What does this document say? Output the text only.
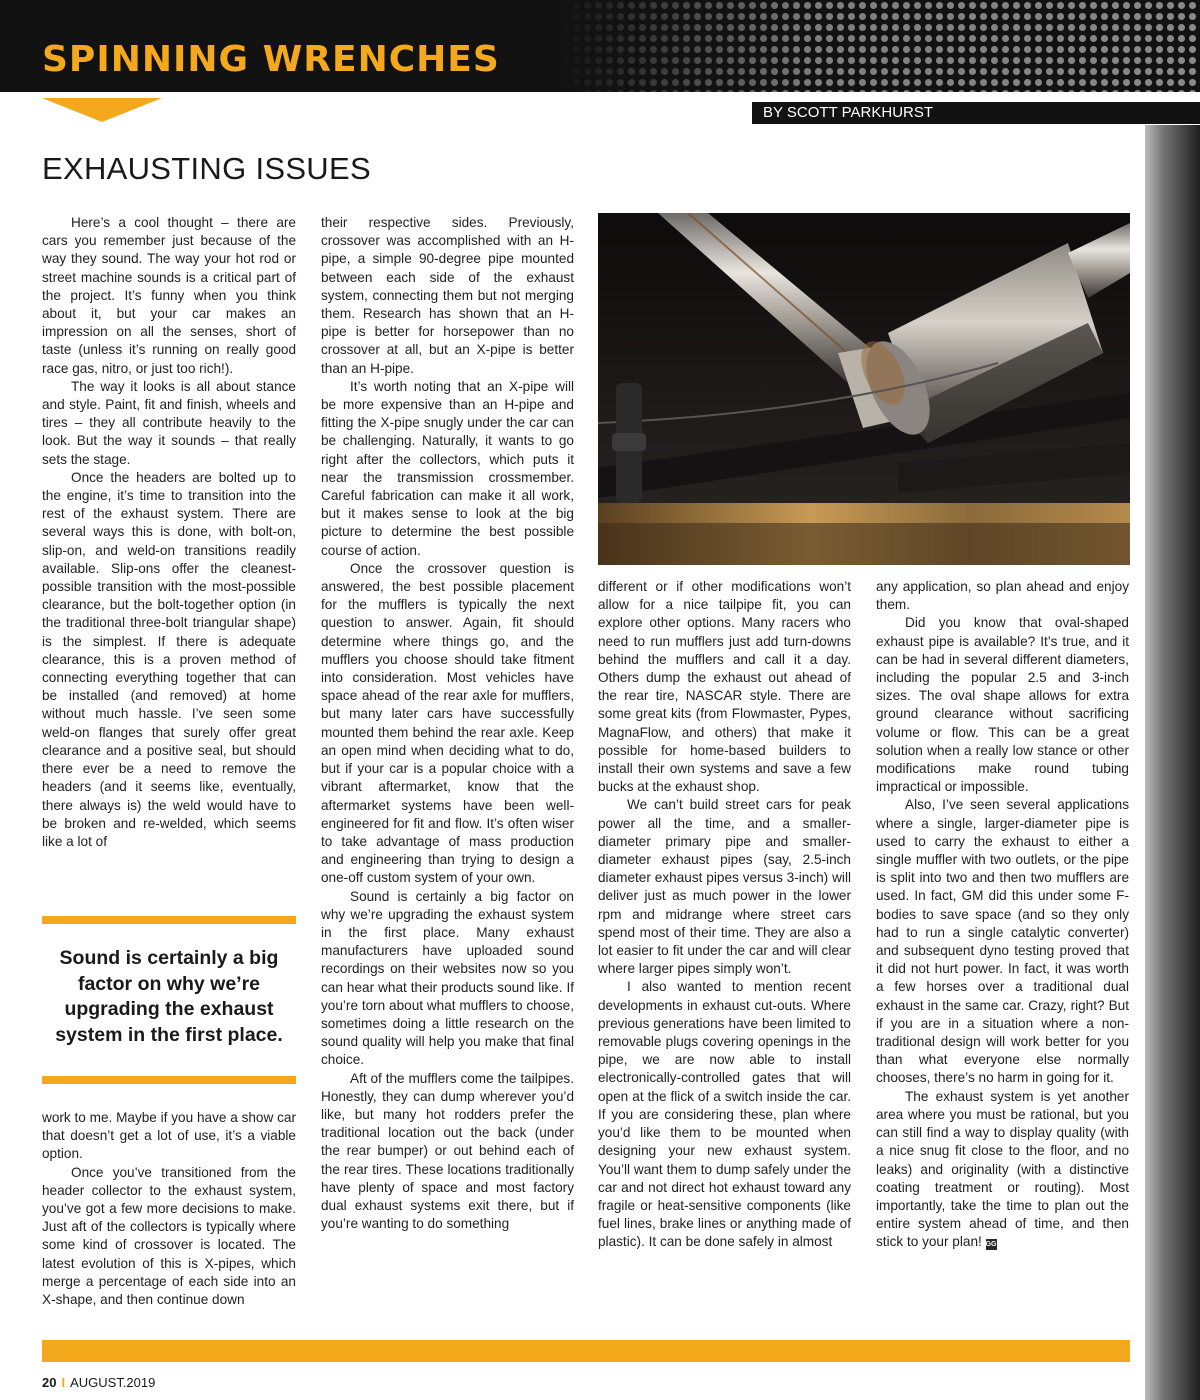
SPINNING WRENCHES
BY SCOTT PARKHURST
EXHAUSTING ISSUES

Here’s a cool thought – there are cars you remember just because of the way they sound. The way your hot rod or street machine sounds is a critical part of the project. It’s funny when you think about it, but your car makes an impression on all the senses, short of taste (unless it’s running on really good race gas, nitro, or just too rich!).

The way it looks is all about stance and style. Paint, fit and finish, wheels and tires – they all contribute heavily to the look. But the way it sounds – that really sets the stage.

Once the headers are bolted up to the engine, it’s time to transition into the rest of the exhaust system. There are several ways this is done, with bolt-on, slip-on, and weld-on transitions readily available. Slip-ons offer the cleanest-possible transition with the most-possible clearance, but the bolt-together option (in the traditional three-bolt triangular shape) is the simplest. If there is adequate clearance, this is a proven method of connecting everything together that can be installed (and removed) at home without much hassle. I’ve seen some weld-on flanges that surely offer great clearance and a positive seal, but should there ever be a need to remove the headers (and it seems like, eventually, there always is) the weld would have to be broken and re-welded, which seems like a lot of

Sound is certainly a big factor on why we’re upgrading the exhaust system in the first place.

work to me. Maybe if you have a show car that doesn’t get a lot of use, it’s a viable option.

Once you’ve transitioned from the header collector to the exhaust system, you’ve got a few more decisions to make. Just aft of the collectors is typically where some kind of crossover is located. The latest evolution of this is X-pipes, which merge a percentage of each side into an X-shape, and then continue down

their respective sides. Previously, crossover was accomplished with an H-pipe, a simple 90-degree pipe mounted between each side of the exhaust system, connecting them but not merging them. Research has shown that an H-pipe is better for horsepower than no crossover at all, but an X-pipe is better than an H-pipe.

It’s worth noting that an X-pipe will be more expensive than an H-pipe and fitting the X-pipe snugly under the car can be challenging. Naturally, it wants to go right after the collectors, which puts it near the transmission crossmember. Careful fabrication can make it all work, but it makes sense to look at the big picture to determine the best possible course of action.

Once the crossover question is answered, the best possible placement for the mufflers is typically the next question to answer. Again, fit should determine where things go, and the mufflers you choose should take fitment into consideration. Most vehicles have space ahead of the rear axle for mufflers, but many later cars have successfully mounted them behind the rear axle. Keep an open mind when deciding what to do, but if your car is a popular choice with a vibrant aftermarket, know that the aftermarket systems have been well-engineered for fit and flow. It’s often wiser to take advantage of mass production and engineering than trying to design a one-off custom system of your own.

Sound is certainly a big factor on why we’re upgrading the exhaust system in the first place. Many exhaust manufacturers have uploaded sound recordings on their websites now so you can hear what their products sound like. If you’re torn about what mufflers to choose, sometimes doing a little research on the sound quality will help you make that final choice.

Aft of the mufflers come the tailpipes. Honestly, they can dump wherever you’d like, but many hot rodders prefer the traditional location out the back (under the rear bumper) or out behind each of the rear tires. These locations traditionally have plenty of space and most factory dual exhaust systems exit there, but if you’re wanting to do something

different or if other modifications won’t allow for a nice tailpipe fit, you can explore other options. Many racers who need to run mufflers just add turn-downs behind the mufflers and call it a day. Others dump the exhaust out ahead of the rear tire, NASCAR style. There are some great kits (from Flowmaster, Pypes, MagnaFlow, and others) that make it possible for home-based builders to install their own systems and save a few bucks at the exhaust shop.

We can’t build street cars for peak power all the time, and a smaller-diameter primary pipe and smaller-diameter exhaust pipes (say, 2.5-inch diameter exhaust pipes versus 3-inch) will deliver just as much power in the lower rpm and midrange where street cars spend most of their time. They are also a lot easier to fit under the car and will clear where larger pipes simply won’t.

I also wanted to mention recent developments in exhaust cut-outs. Where previous generations have been limited to removable plugs covering openings in the pipe, we are now able to install electronically-controlled gates that will open at the flick of a switch inside the car. If you are considering these, plan where you’d like them to be mounted when designing your new exhaust system. You’ll want them to dump safely under the car and not direct hot exhaust toward any fragile or heat-sensitive components (like fuel lines, brake lines or anything made of plastic). It can be done safely in almost

any application, so plan ahead and enjoy them.

Did you know that oval-shaped exhaust pipe is available? It’s true, and it can be had in several different diameters, including the popular 2.5 and 3-inch sizes. The oval shape allows for extra ground clearance without sacrificing volume or flow. This can be a great solution when a really low stance or other modifications make round tubing impractical or impossible.

Also, I’ve seen several applications where a single, larger-diameter pipe is used to carry the exhaust to either a single muffler with two outlets, or the pipe is split into two and then two mufflers are used. In fact, GM did this under some F-bodies to save space (and so they only had to run a single catalytic converter) and subsequent dyno testing proved that it did not hurt power. In fact, it was worth a few horses over a traditional dual exhaust in the same car. Crazy, right? But if you are in a situation where a non-traditional design will work better for you than what everyone else normally chooses, there’s no harm in going for it.

The exhaust system is yet another area where you must be rational, but you can still find a way to display quality (with a nice snug fit close to the floor, and no leaks) and originality (with a distinctive coating treatment or routing). Most importantly, take the time to plan out the entire system ahead of time, and then stick to your plan! GG

20 I AUGUST.2019
